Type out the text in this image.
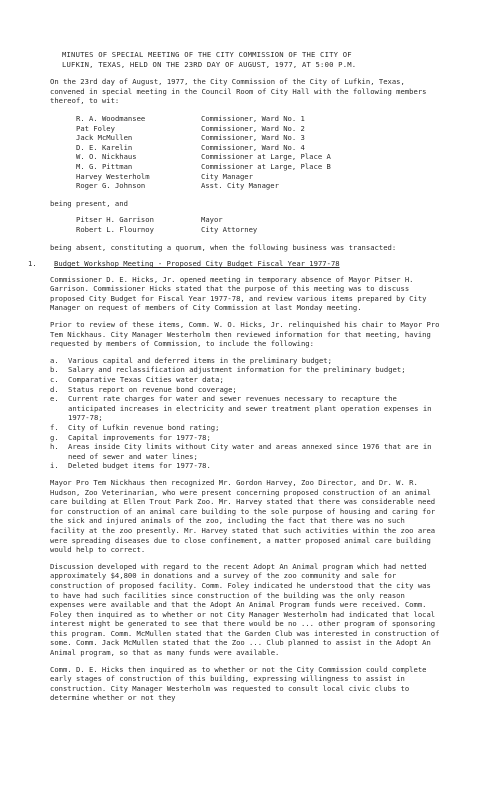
MINUTES OF SPECIAL MEETING OF THE CITY COMMISSION OF THE CITY OF
LUFKIN, TEXAS, HELD ON THE 23RD DAY OF AUGUST, 1977, AT 5:00 P.M.
On the 23rd day of August, 1977, the City Commission of the City of Lufkin, Texas, convened in special meeting in the Council Room of City Hall with the following members thereof, to wit:
R. A. Woodmansee	Commissioner, Ward No. 1
Pat Foley	Commissioner, Ward No. 2
Jack McMullen	Commissioner, Ward No. 3
D. E. Karelin	Commissioner, Ward No. 4
W. O. Nickhaus	Commissioner at Large, Place A
M. G. Pittman	Commissioner at Large, Place B
Harvey Westerholm	City Manager
Roger G. Johnson	Asst. City Manager
being present, and
Pitser H. Garrison	Mayor
Robert L. Flournoy	City Attorney
being absent, constituting a quorum, when the following business was transacted:
1.	Budget Workshop Meeting - Proposed City Budget Fiscal Year 1977-78
Commissioner D. E. Hicks, Jr. opened meeting in temporary absence of Mayor Pitser H. Garrison. Commissioner Hicks stated that the purpose of this meeting was to discuss proposed City Budget for Fiscal Year 1977-78, and review various items prepared by City Manager on request of members of City Commission at last Monday meeting.
Prior to review of these items, Comm. W. O. Hicks, Jr. relinquished his chair to Mayor Pro Tem Nickhaus. City Manager Westerholm then reviewed information for that meeting, having requested by members of Commission, to include the following:
a.	Various capital and deferred items in the preliminary budget;
b.	Salary and reclassification adjustment information for the preliminary budget;
c.	Comparative Texas Cities water data;
d.	Status report on revenue bond coverage;
e.	Current rate charges for water and sewer revenues necessary to recapture the anticipated increases in electricity and sewer treatment plant operation expenses in 1977-78;
f.	City of Lufkin revenue bond rating;
g.	Capital improvements for 1977-78;
h.	Areas inside City limits without City water and areas annexed since 1976 that are in need of sewer and water lines;
i.	Deleted budget items for 1977-78.
Mayor Pro Tem Nickhaus then recognized Mr. Gordon Harvey, Zoo Director, and Dr. W. R. Hudson, Zoo Veterinarian, who were present concerning proposed construction of an animal care building at Ellen Trout Park Zoo. Mr. Harvey stated that there was considerable need for construction of an animal care building to the sole purpose of housing and caring for the sick and injured animals of the zoo, including the fact that there was no such facility at the zoo presently. Mr. Harvey stated that such activities within the zoo area were spreading diseases due to close confinement, a matter proposed animal care building would help to correct.
Discussion developed with regard to the recent Adopt An Animal program which had netted approximately $4,800 in donations and a survey of the zoo community and sale for construction of proposed facility. Comm. Foley indicated he understood that the city was to have had such facilities since construction of the building was the only reason expenses were available and that the Adopt An Animal Program funds were received. Comm. Foley then inquired as to whether or not City Manager Westerholm had indicated that local interest might be generated to see that there would be no ... other program of sponsoring this program. Comm. McMullen stated that the Garden Club was interested in construction of some. Comm. Jack McMullen stated that the Zoo ... Club planned to assist in the Adopt An Animal program, so that as many funds were available.
Comm. D. E. Hicks then inquired as to whether or not the City Commission could complete early stages of construction of this building, expressing willingness to assist in construction. City Manager Westerholm was requested to consult local civic clubs to determine whether or not they
